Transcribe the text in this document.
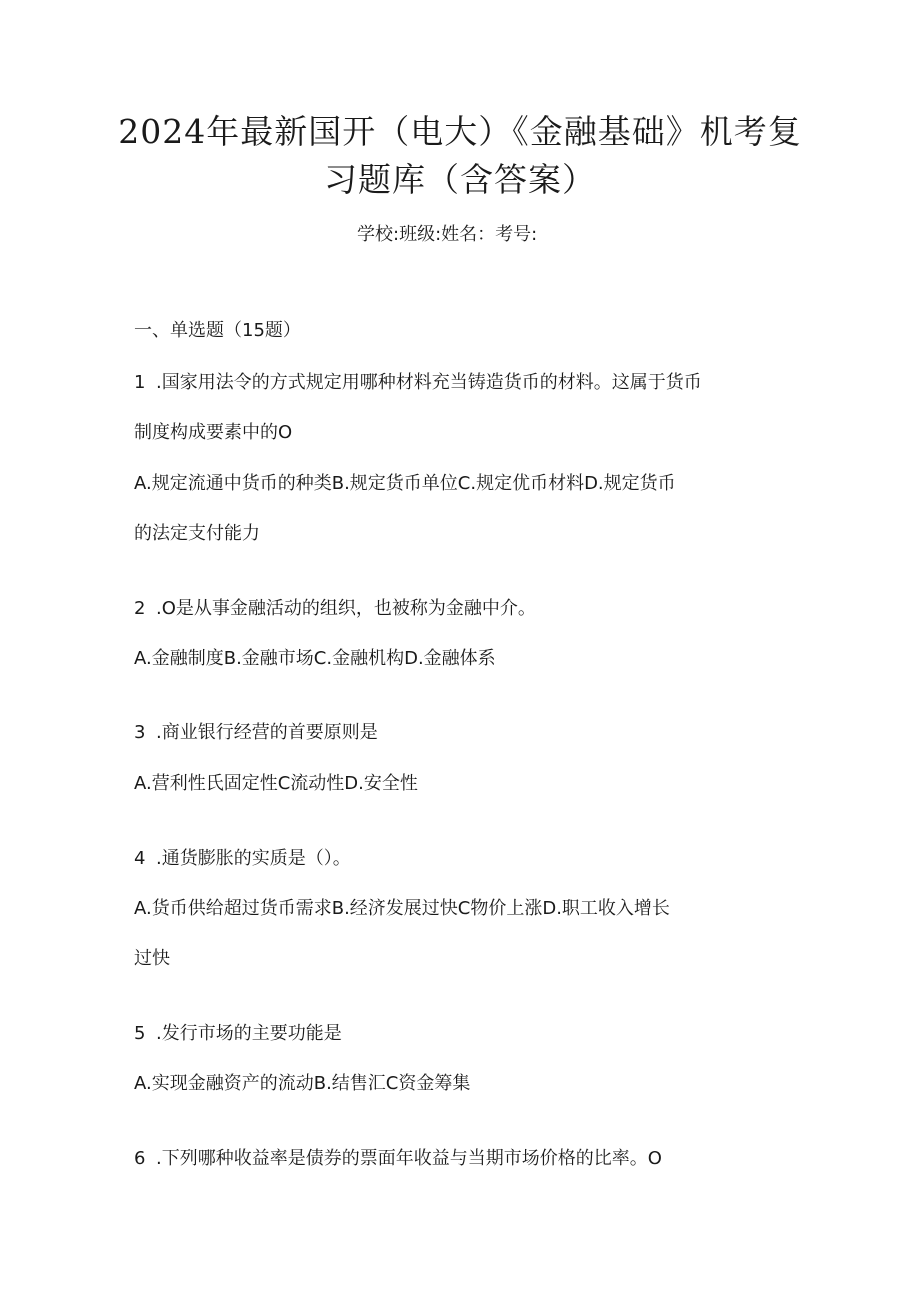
2024年最新国开（电大）《金融基础》机考复
习题库（含答案）

学校:班级:姓名：考号:

一、单选题（15题）

1 .国家用法令的方式规定用哪种材料充当铸造货币的材料。这属于货币

制度构成要素中的O

A.规定流通中货币的种类B.规定货币单位C.规定优币材料D.规定货币

的法定支付能力

2 .O是从事金融活动的组织，也被称为金融中介。

A.金融制度B.金融市场C.金融机构D.金融体系

3 .商业银行经营的首要原则是

A.营利性氏固定性C流动性D.安全性

4 .通货膨胀的实质是（）。

A.货币供给超过货币需求B.经济发展过快C物价上涨D.职工收入增长

过快

5 .发行市场的主要功能是

A.实现金融资产的流动B.结售汇C资金筹集

6 .下列哪种收益率是债券的票面年收益与当期市场价格的比率。O
